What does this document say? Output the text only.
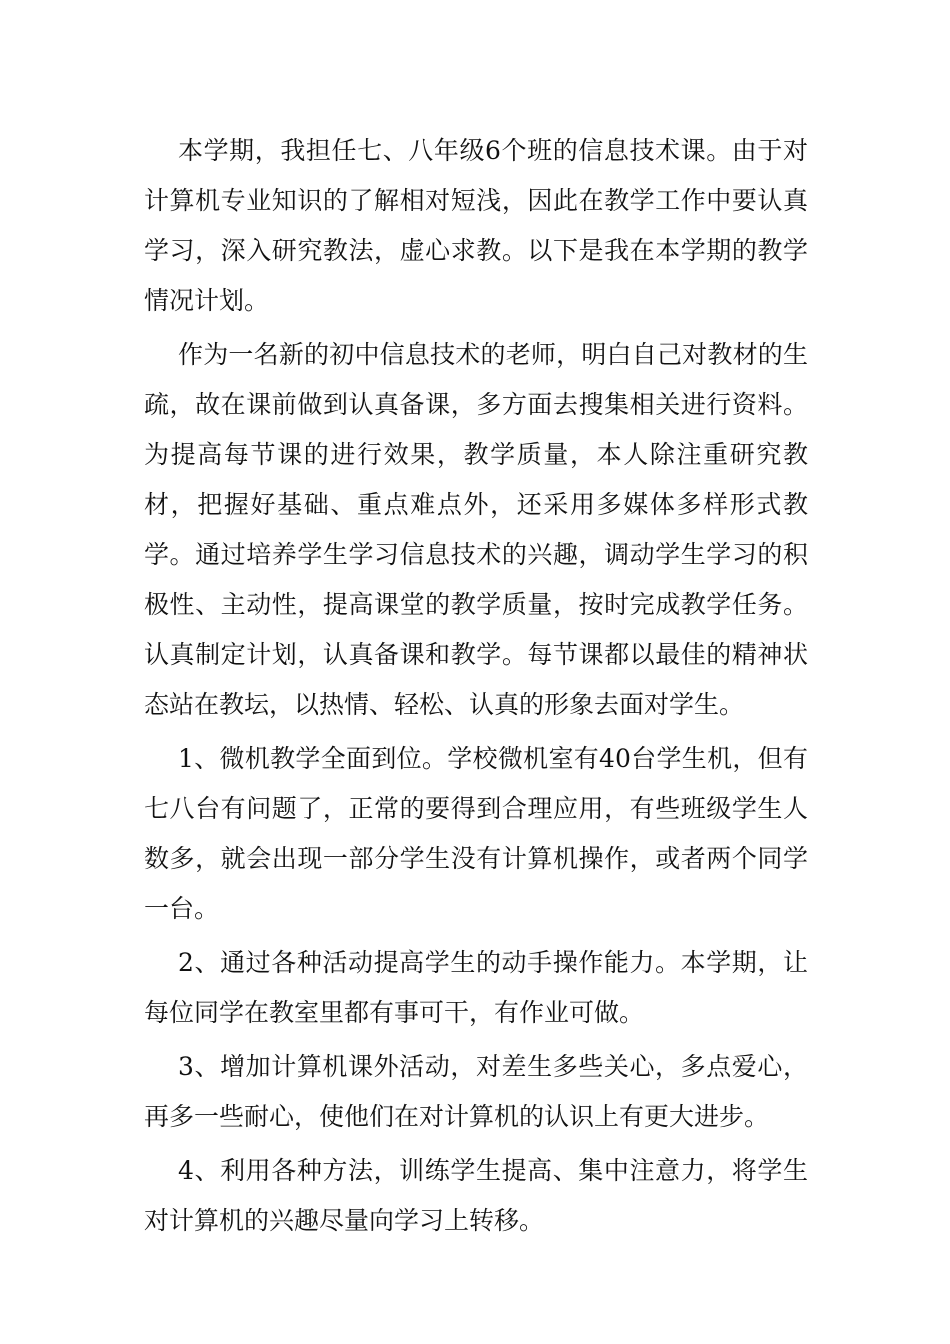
本学期，我担任七、八年级6个班的信息技术课。由于对计算机专业知识的了解相对短浅，因此在教学工作中要认真学习，深入研究教法，虚心求教。以下是我在本学期的教学情况计划。

作为一名新的初中信息技术的老师，明白自己对教材的生疏，故在课前做到认真备课，多方面去搜集相关进行资料。为提高每节课的进行效果，教学质量，本人除注重研究教材，把握好基础、重点难点外，还采用多媒体多样形式教学。通过培养学生学习信息技术的兴趣，调动学生学习的积极性、主动性，提高课堂的教学质量，按时完成教学任务。认真制定计划，认真备课和教学。每节课都以最佳的精神状态站在教坛，以热情、轻松、认真的形象去面对学生。

1、微机教学全面到位。学校微机室有40台学生机，但有七八台有问题了，正常的要得到合理应用，有些班级学生人数多，就会出现一部分学生没有计算机操作，或者两个同学一台。

2、通过各种活动提高学生的动手操作能力。本学期，让每位同学在教室里都有事可干，有作业可做。

3、增加计算机课外活动，对差生多些关心，多点爱心，再多一些耐心，使他们在对计算机的认识上有更大进步。

4、利用各种方法，训练学生提高、集中注意力，将学生对计算机的兴趣尽量向学习上转移。
